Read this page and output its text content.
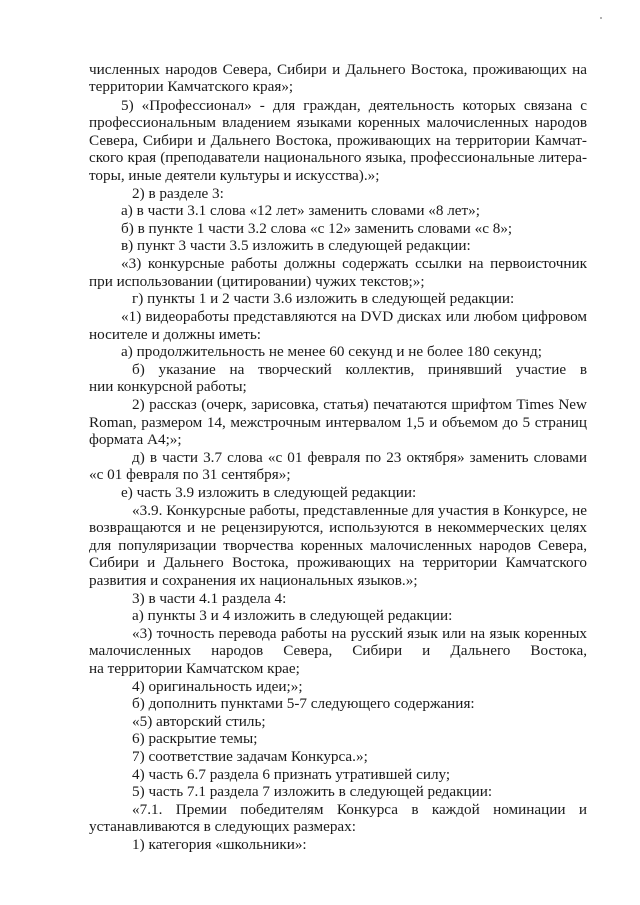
численных народов Севера, Сибири и Дальнего Востока, проживающих на
территории Камчатского края»;
5) «Профессионал» - для граждан, деятельность которых связана с
профессиональным владением языками коренных малочисленных народов
Севера, Сибири и Дальнего Востока, проживающих на территории Камчат-
ского края (преподаватели национального языка, профессиональные литера-
торы, иные деятели культуры и искусства).»;
2) в разделе 3:
а) в части 3.1 слова «12 лет» заменить словами «8 лет»;
б) в пункте 1 части 3.2 слова «с 12» заменить словами «с 8»;
в) пункт 3 части 3.5 изложить в следующей редакции:
«3) конкурсные работы должны содержать ссылки на первоисточник
при использовании (цитировании) чужих текстов;»;
г) пункты 1 и 2 части 3.6 изложить в следующей редакции:
«1) видеоработы представляются на DVD дисках или любом цифровом
носителе и должны иметь:
а) продолжительность не менее 60 секунд и не более 180 секунд;
б) указание на творческий коллектив, принявший участие в
нии конкурсной работы;
2) рассказ (очерк, зарисовка, статья) печатаются шрифтом Times New
Roman, размером 14, межстрочным интервалом 1,5 и объемом до 5 страниц
формата А4;»;
д) в части 3.7 слова «с 01 февраля по 23 октября» заменить словами
«с 01 февраля по 31 сентября»;
е) часть 3.9 изложить в следующей редакции:
«3.9. Конкурсные работы, представленные для участия в Конкурсе, не
возвращаются и не рецензируются, используются в некоммерческих целях
для популяризации творчества коренных малочисленных народов Севера,
Сибири и Дальнего Востока, проживающих на территории Камчатского
развития и сохранения их национальных языков.»;
3) в части 4.1 раздела 4:
а) пункты 3 и 4 изложить в следующей редакции:
«3) точность перевода работы на русский язык или на язык коренных
малочисленных народов Севера, Сибири и Дальнего Востока,
на территории Камчатском крае;
4) оригинальность идеи;»;
б) дополнить пунктами 5-7 следующего содержания:
«5) авторский стиль;
6) раскрытие темы;
7) соответствие задачам Конкурса.»;
4) часть 6.7 раздела 6 признать утратившей силу;
5) часть 7.1 раздела 7 изложить в следующей редакции:
«7.1. Премии победителям Конкурса в каждой номинации и
устанавливаются в следующих размерах:
1) категория «школьники»:
